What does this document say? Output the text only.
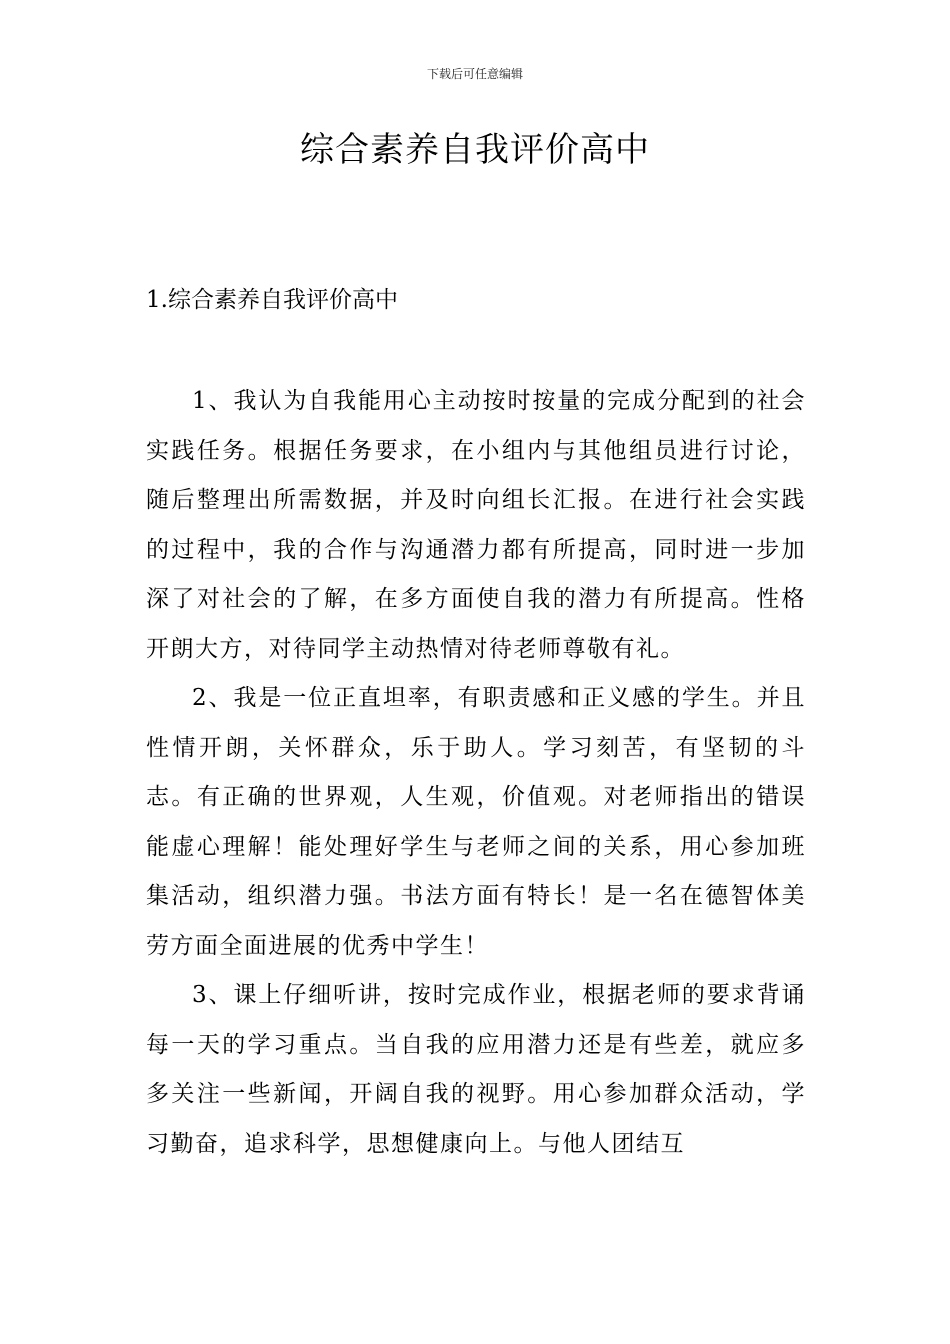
下载后可任意编辑
综合素养自我评价高中
1.综合素养自我评价高中

1、我认为自我能用心主动按时按量的完成分配到的社会实践任务。根据任务要求，在小组内与其他组员进行讨论，随后整理出所需数据，并及时向组长汇报。在进行社会实践的过程中，我的合作与沟通潜力都有所提高，同时进一步加深了对社会的了解，在多方面使自我的潜力有所提高。性格开朗大方，对待同学主动热情对待老师尊敬有礼。

2、我是一位正直坦率，有职责感和正义感的学生。并且性情开朗，关怀群众，乐于助人。学习刻苦，有坚韧的斗志。有正确的世界观，人生观，价值观。对老师指出的错误能虚心理解！能处理好学生与老师之间的关系，用心参加班集活动，组织潜力强。书法方面有特长！是一名在德智体美劳方面全面进展的优秀中学生！

3、课上仔细听讲，按时完成作业，根据老师的要求背诵每一天的学习重点。当自我的应用潜力还是有些差，就应多多关注一些新闻，开阔自我的视野。用心参加群众活动，学习勤奋，追求科学，思想健康向上。与他人团结互
